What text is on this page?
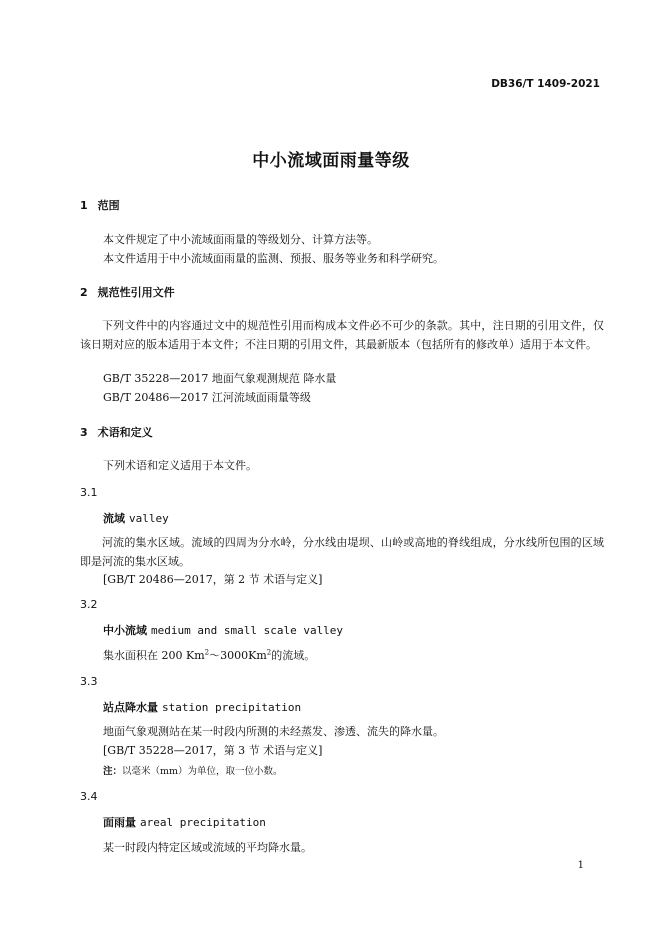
DB36/T 1409-2021
中小流域面雨量等级
1 范围
本文件规定了中小流域面雨量的等级划分、计算方法等。
本文件适用于中小流域面雨量的监测、预报、服务等业务和科学研究。
2 规范性引用文件
下列文件中的内容通过文中的规范性引用而构成本文件必不可少的条款。其中，注日期的引用文件，仅该日期对应的版本适用于本文件；不注日期的引用文件，其最新版本（包括所有的修改单）适用于本文件。
GB/T 35228—2017 地面气象观测规范 降水量
GB/T 20486—2017 江河流域面雨量等级
3 术语和定义
下列术语和定义适用于本文件。
3.1
流域 valley
河流的集水区域。流域的四周为分水岭，分水线由堤坝、山岭或高地的脊线组成，分水线所包围的区域即是河流的集水区域。
[GB/T 20486—2017，第 2 节 术语与定义]
3.2
中小流域 medium and small scale valley
集水面积在 200 Km$^2$～3000Km$^2$的流域。
3.3
站点降水量 station precipitation
地面气象观测站在某一时段内所测的未经蒸发、渗透、流失的降水量。
[GB/T 35228—2017，第 3 节 术语与定义]
注：以毫米（mm）为单位，取一位小数。
3.4
面雨量 areal precipitation
某一时段内特定区域或流域的平均降水量。
1
